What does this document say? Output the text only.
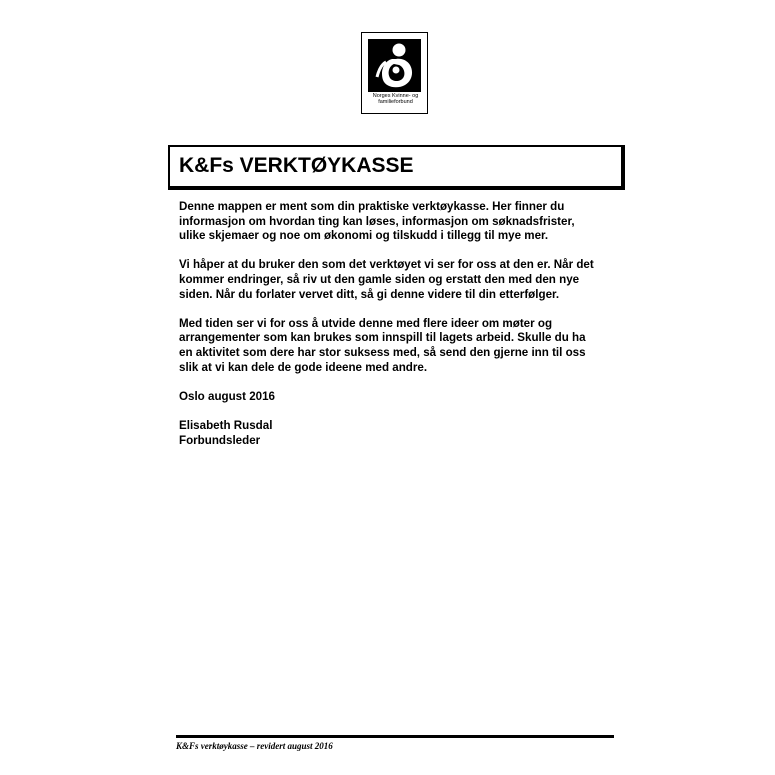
Norges Kvinne- og
familieforbund
K&Fs VERKTØYKASSE

Denne mappen er ment som din praktiske verktøykasse. Her finner du
informasjon om hvordan ting kan løses, informasjon om søknadsfrister,
ulike skjemaer og noe om økonomi og tilskudd i tillegg til mye mer.

Vi håper at du bruker den som det verktøyet vi ser for oss at den er. Når det
kommer endringer, så riv ut den gamle siden og erstatt den med den nye
siden. Når du forlater vervet ditt, så gi denne videre til din etterfølger.

Med tiden ser vi for oss å utvide denne med flere ideer om møter og
arrangementer som kan brukes som innspill til lagets arbeid. Skulle du ha
en aktivitet som dere har stor suksess med, så send den gjerne inn til oss
slik at vi kan dele de gode ideene med andre.

Oslo august 2016

Elisabeth Rusdal

Forbundsleder

K&Fs verktøykasse – revidert august 2016
